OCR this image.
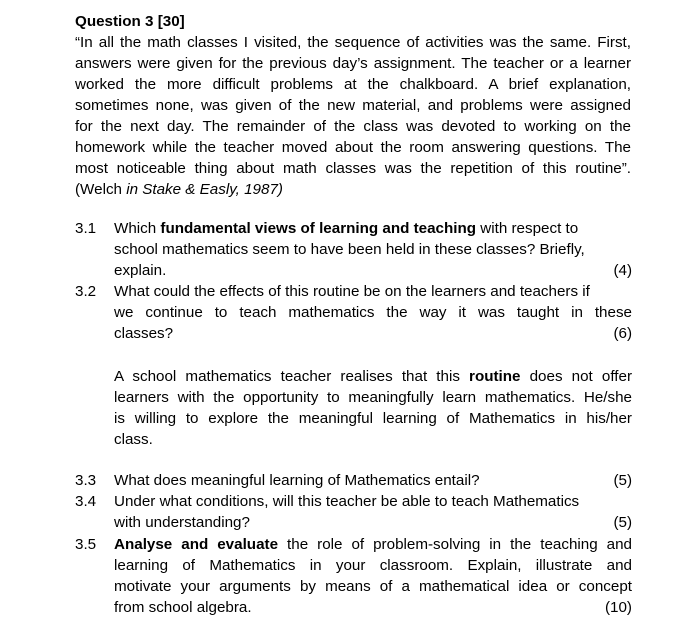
Question 3 [30]
“In all the math classes I visited, the sequence of activities was the same. First,
answers were given for the previous day’s assignment. The teacher or a learner
worked the more difficult problems at the chalkboard. A brief explanation,
sometimes none, was given of the new material, and problems were assigned
for the next day. The remainder of the class was devoted to working on the
homework while the teacher moved about the room answering questions. The
most noticeable thing about math classes was the repetition of this routine”.
(Welch in Stake & Easly, 1987)
3.1	Which fundamental views of learning and teaching with respect to
school mathematics seem to have been held in these classes? Briefly,
explain.	(4)
3.2	What could the effects of this routine be on the learners and teachers if
we continue to teach mathematics the way it was taught in these
classes?	(6)
A school mathematics teacher realises that this routine does not offer
learners with the opportunity to meaningfully learn mathematics. He/she
is willing to explore the meaningful learning of Mathematics in his/her
class.
3.3	What does meaningful learning of Mathematics entail?	(5)
3.4	Under what conditions, will this teacher be able to teach Mathematics
with understanding?	(5)
3.5	Analyse and evaluate the role of problem-solving in the teaching and
learning of Mathematics in your classroom. Explain, illustrate and
motivate your arguments by means of a mathematical idea or concept
from school algebra.	(10)
